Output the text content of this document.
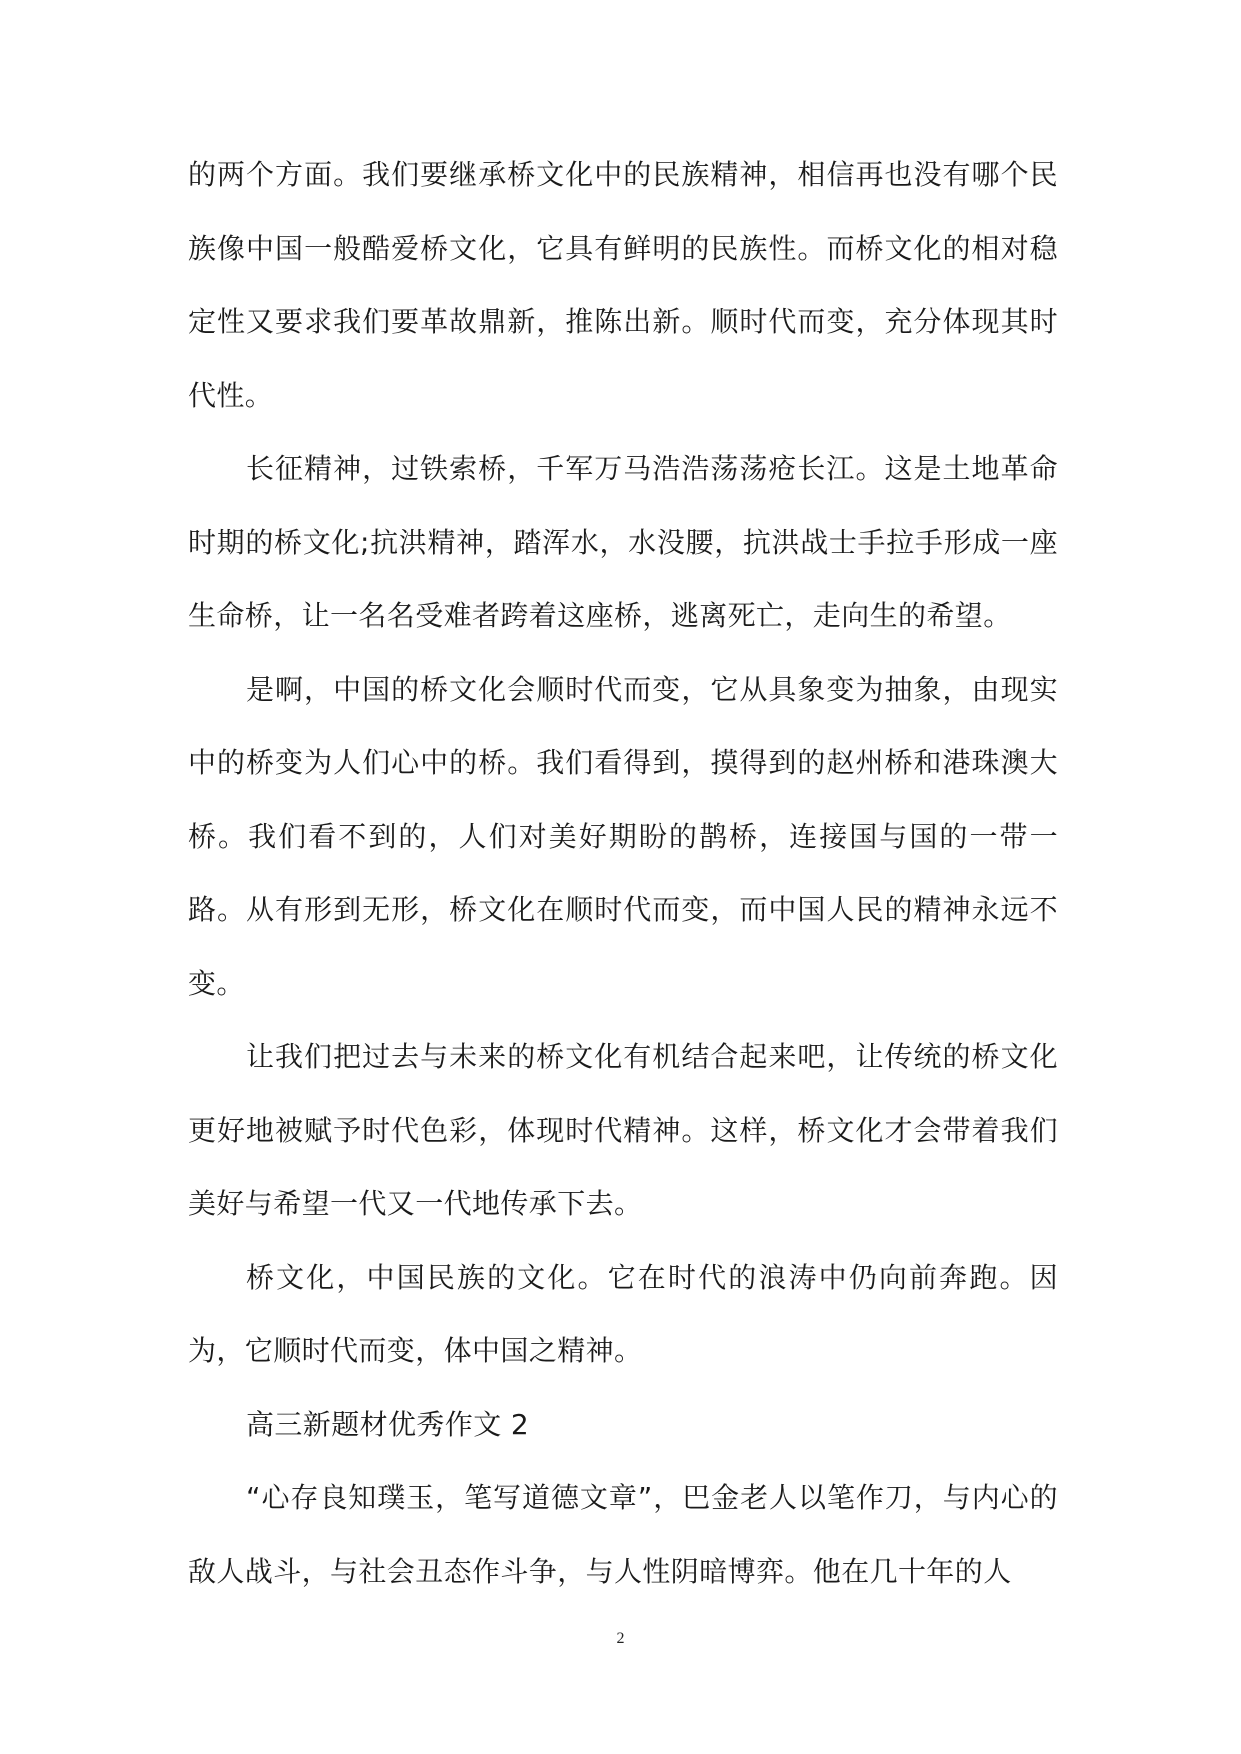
的两个方面。我们要继承桥文化中的民族精神，相信再也没有哪个民族像中国一般酷爱桥文化，它具有鲜明的民族性。而桥文化的相对稳定性又要求我们要革故鼎新，推陈出新。顺时代而变，充分体现其时代性。

长征精神，过铁索桥，千军万马浩浩荡荡疮长江。这是土地革命时期的桥文化;抗洪精神，踏浑水，水没腰，抗洪战士手拉手形成一座生命桥，让一名名受难者跨着这座桥，逃离死亡，走向生的希望。

是啊，中国的桥文化会顺时代而变，它从具象变为抽象，由现实中的桥变为人们心中的桥。我们看得到，摸得到的赵州桥和港珠澳大桥。我们看不到的，人们对美好期盼的鹊桥，连接国与国的一带一路。从有形到无形，桥文化在顺时代而变，而中国人民的精神永远不变。

让我们把过去与未来的桥文化有机结合起来吧，让传统的桥文化更好地被赋予时代色彩，体现时代精神。这样，桥文化才会带着我们美好与希望一代又一代地传承下去。

桥文化，中国民族的文化。它在时代的浪涛中仍向前奔跑。因为，它顺时代而变，体中国之精神。

高三新题材优秀作文 2

“心存良知璞玉，笔写道德文章”，巴金老人以笔作刀，与内心的敌人战斗，与社会丑态作斗争，与人性阴暗博弈。他在几十年的人

2
